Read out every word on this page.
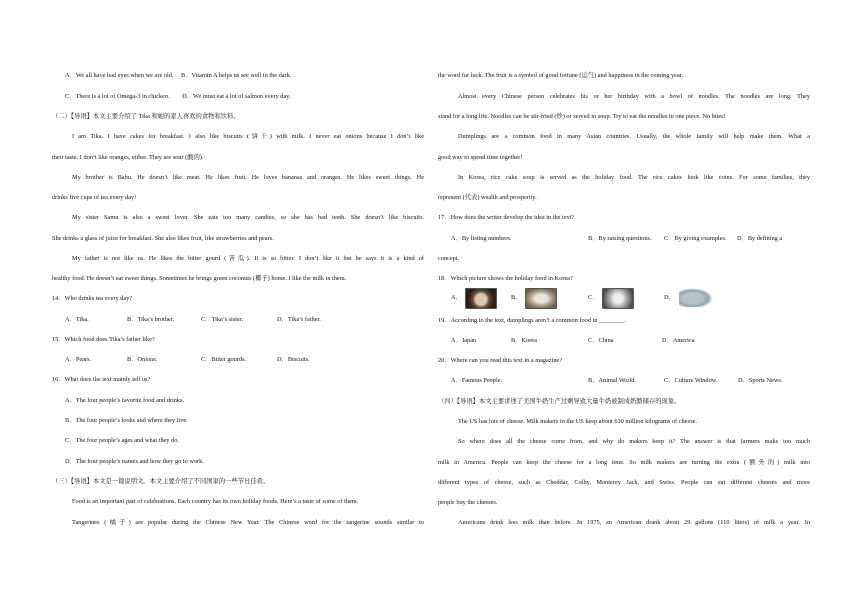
A．We all have bad eyes when we are old. B．Vitamin A helps us see well in the dark.
C．There is a lot of Omega-3 in chicken. D．We must eat a lot of salmon every day.
（二）【导语】本文主要介绍了 Tika 和她的家人喜欢的食物和饮料。
I am Tika. I have cakes for breakfast. I also like biscuits (饼干) with milk. I never eat onions because I don’t like
their taste. I don’t like oranges, either. They are sour (酸的).
My brother is Babu. He doesn’t like meat. He likes fruit. He loves bananas and oranges. He likes sweet things. He
drinks five cups of tea every day!
My sister Samu is also a sweet lover. She eats too many candies, so she has bad teeth. She doesn’t like biscuits.
She drinks a glass of juice for breakfast. She also likes fruit, like strawberries and pears.
My father is not like us. He likes the bitter gourd (苦瓜). It is so bitter. I don’t like it but he says it is a kind of
healthy food. He doesn’t eat sweet things. Sometimes he brings green coconuts (椰子) home. I like the milk in them.
14．Who drinks tea every day?
A．Tika.	B．Tika’s brother.	C．Tika’s sister.	D．Tika’s father.
15．Which food does Tika’s father like?
A．Pears.	B．Onions.	C．Bitter gourds.	D．Biscuits.
16．What does the text mainly tell us?
A．The four people’s favorite food and drinks.
B．The four people’s looks and where they live.
C．The four people’s ages and what they do.
D．The four people’s names and how they go to work.
（三）【导语】本文是一篇说明文。本文主要介绍了不同国家的一些节日佳肴。
Food is an important part of celebrations. Each country has its own holiday foods. Here’s a taste of some of them.
Tangerines (橘子) are popular during the Chinese New Year. The Chinese word for the tangerine sounds similar to
the word for luck. The fruit is a symbol of good fortune (运气) and happiness in the coming year.
Almost every Chinese person celebrates his or her birthday with a bowl of noodles. The noodles are long. They
stand for a long life. Noodles can be stir-fried (炒) or served in soup. Try to eat the noodles in one piece. No bites!
Dumplings are a common food in many Asian countries. Usually, the whole family will help make them. What a
good way to spend time together!
In Korea, rice cake soup is served as the holiday food. The rice cakes look like coins. For some families, they
represent (代表) wealth and prosperity.
17．How does the writer develop the idea in the text?
A．By listing numbers.	B．By raising questions. C．By giving examples. D．By defining a
concept.
18．Which picture shows the holiday food in Korea?
A．	B．	C．	D．
19．According to the text, dumplings aren’t a common food in ________.
A．Japan	B．Korea	C．China	D．America
20．Where can you read this text in a magazine?
A．Famous People.	B．Animal World.	C．Culture Window.	D．Sports News.
（四）【导语】本文主要讲述了美国牛奶生产过剩导致大量牛奶被制成奶酪储存的现象。
The US has lots of cheese. Milk makers in the US keep about 630 million kilograms of cheese.
So where does all the cheese come from, and why do makers keep it? The answer is that farmers make too much
milk in America. People can keep the cheese for a long time. So milk makers are turning the extra (额外的) milk into
different types of cheese, such as Cheddar, Colby, Monterey Jack, and Swiss. People can eat different cheeses and more
people buy the cheeses.
Americans drink less milk than before. In 1975, an American drank about 29 gallons (110 liters) of milk a year. In
